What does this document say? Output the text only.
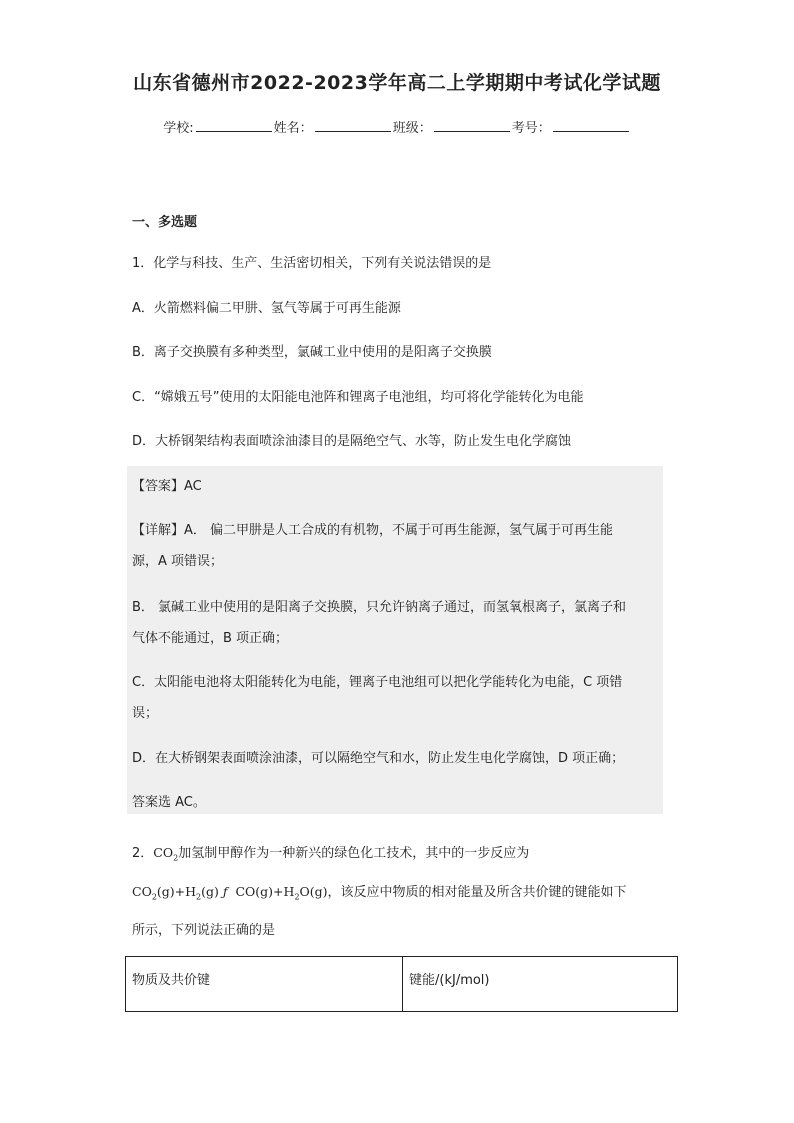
山东省德州市2022-2023学年高二上学期期中考试化学试题
学校:	姓名：	班级：	考号：
一、多选题
1．化学与科技、生产、生活密切相关，下列有关说法错误的是
A．火箭燃料偏二甲肼、氢气等属于可再生能源
B．离子交换膜有多种类型，氯碱工业中使用的是阳离子交换膜
C．“嫦娥五号”使用的太阳能电池阵和锂离子电池组，均可将化学能转化为电能
D．大桥钢架结构表面喷涂油漆目的是隔绝空气、水等，防止发生电化学腐蚀
【答案】AC
【详解】A． 偏二甲肼是人工合成的有机物，不属于可再生能源，氢气属于可再生能
源，A 项错误；
B． 氯碱工业中使用的是阳离子交换膜，只允许钠离子通过，而氢氧根离子，氯离子和
气体不能通过，B 项正确；
C．太阳能电池将太阳能转化为电能，锂离子电池组可以把化学能转化为电能，C 项错
误；
D．在大桥钢架表面喷涂油漆，可以隔绝空气和水，防止发生电化学腐蚀，D 项正确；
答案选 AC。
2．$CO_2$加氢制甲醇作为一种新兴的绿色化工技术，其中的一步反应为
$CO_2(g)+H_2(g)$ ƒ $CO(g)+H_2O(g)$，该反应中物质的相对能量及所含共价键的键能如下
所示，下列说法正确的是
物质及共价键	键能/(kJ/mol)
